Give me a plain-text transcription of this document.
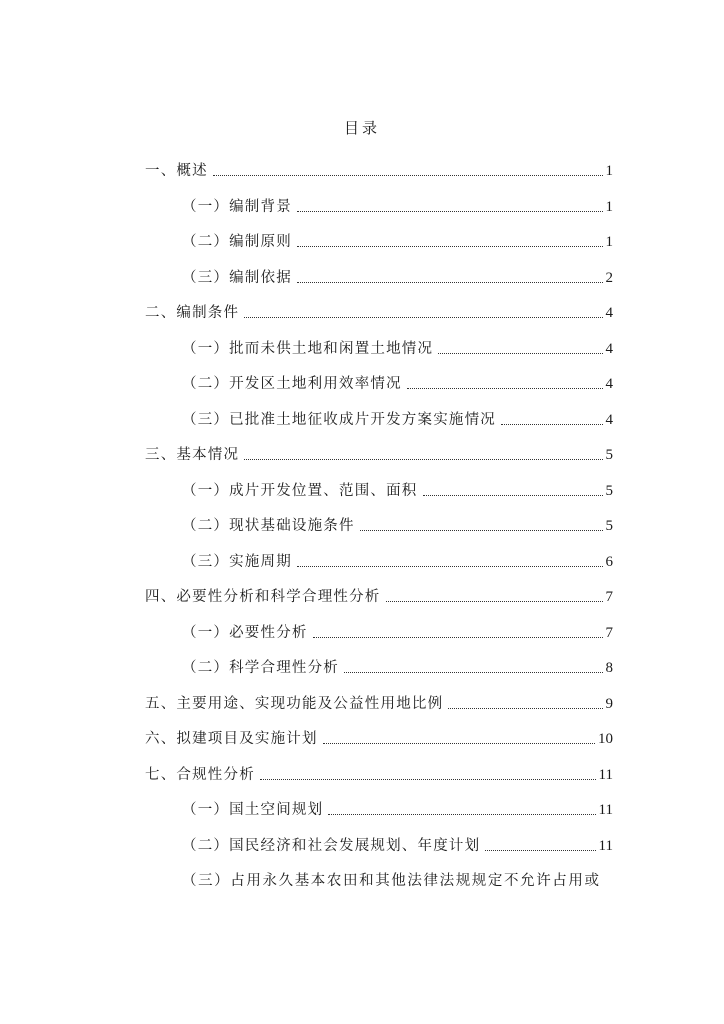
目录
一、概述	1
（一）编制背景	1
（二）编制原则	1
（三）编制依据	2
二、编制条件	4
（一）批而未供土地和闲置土地情况	4
（二）开发区土地利用效率情况	4
（三）已批准土地征收成片开发方案实施情况	4
三、基本情况	5
（一）成片开发位置、范围、面积	5
（二）现状基础设施条件	5
（三）实施周期	6
四、必要性分析和科学合理性分析	7
（一）必要性分析	7
（二）科学合理性分析	8
五、主要用途、实现功能及公益性用地比例	9
六、拟建项目及实施计划	10
七、合规性分析	11
（一）国土空间规划	11
（二）国民经济和社会发展规划、年度计划	11
（三）占用永久基本农田和其他法律法规规定不允许占用或
